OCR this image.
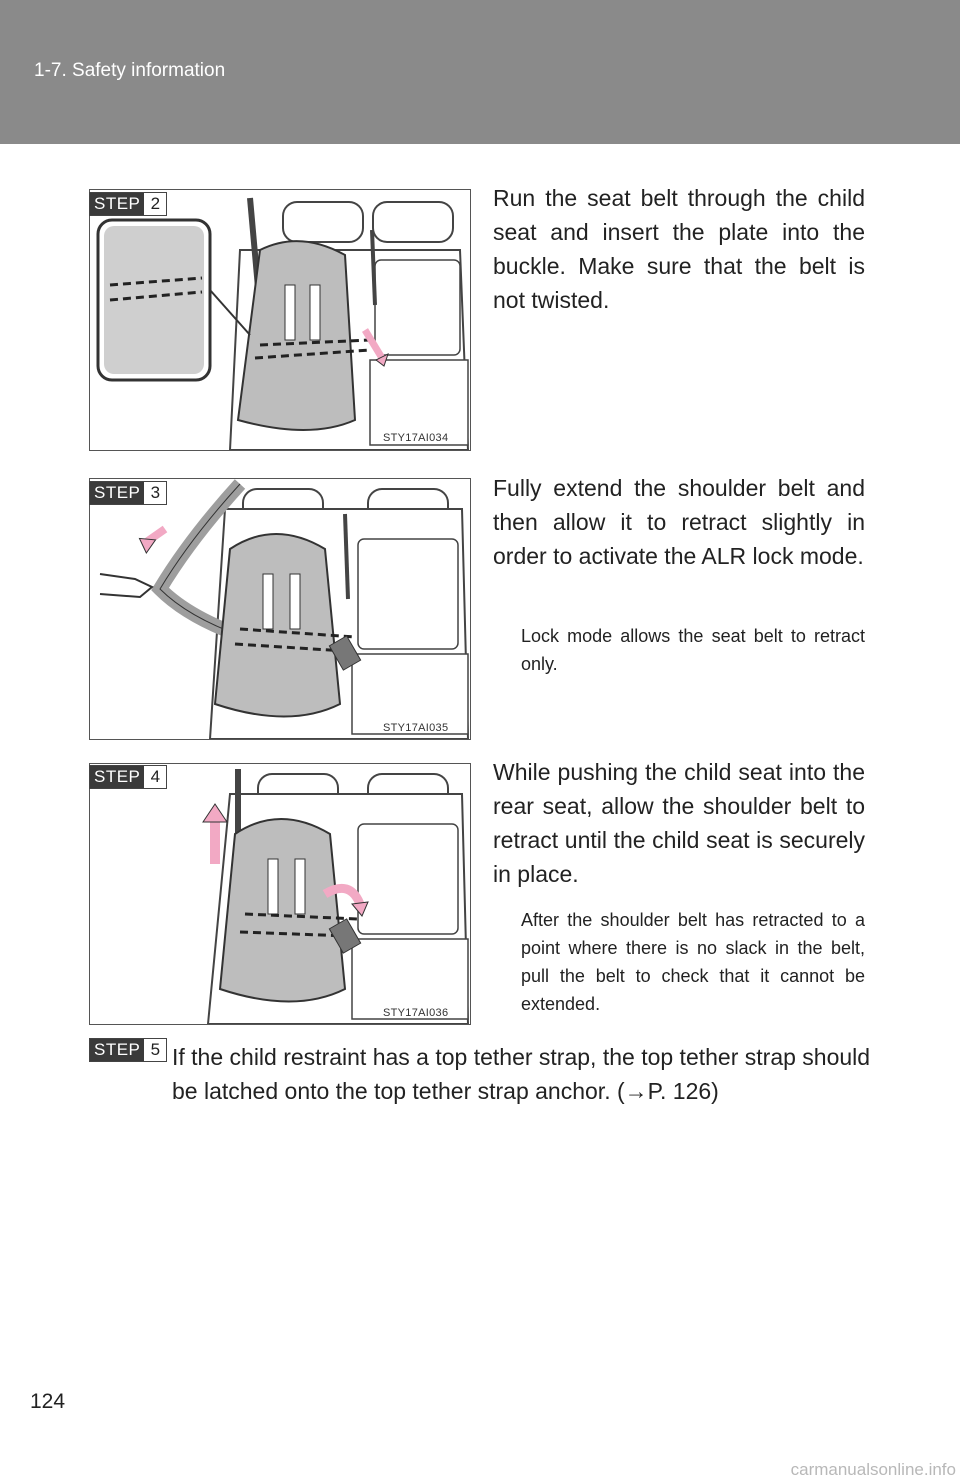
1-7. Safety information
STEP 2
STY17AI034
Run the seat belt through the child seat and insert the plate into the buckle. Make sure that the belt is not twisted.
STEP 3
STY17AI035
Fully extend the shoulder belt and then allow it to retract slightly in order to activate the ALR lock mode.
Lock mode allows the seat belt to retract only.
STEP 4
STY17AI036
While pushing the child seat into the rear seat, allow the shoulder belt to retract until the child seat is securely in place.
After the shoulder belt has retracted to a point where there is no slack in the belt, pull the belt to check that it cannot be extended.
STEP 5 If the child restraint has a top tether strap, the top tether strap should be latched onto the top tether strap anchor. (→P. 126)
124
carmanualsonline.info
